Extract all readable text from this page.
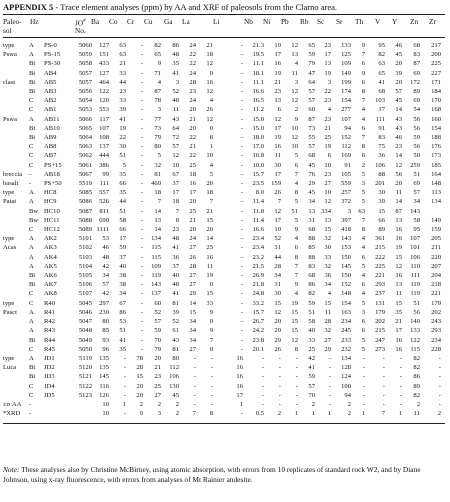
APPENDIX 5 - Trace element analyses (ppm) by AA and XRF of paleosols from the Clarno area.
Paleo- Hz	JO# Ba Co Cr Cu Ga La	Li	Nb Ni Pb Rb Sc Sr Th V Y Zn Zr
sol	No.
type	A	PS-0	5060	127	63	-	82	86	24	21	-	21.3	19	12	65	23	133	9	95	46	68	217
Pswa	A	PS-15	5059	151	63	-	65	48	22	18	-	19.5	17	13	59	17	125	7	82	45	83	200
	Bt	PS-30	5058	433	21	-	9	35	22	12	-	11.1	16	4	79	13	109	6	63	20	87	225
	Bt	AB4	5057	127	33	-	71	41	24	0	-	18.1	19	11	47	19	149	9	65	39	69	227
clast	Bt	AB5	5057	464	44	-	4	3	28	16	-	11.1	21	3	64	3	199	6	41	20	172	171
	Bt	AB3	5056	122	23	-	87	52	23	12	-	16.6	23	12	57	22	174	8	68	57	89	184
	C	AB2	5054	120	33	-	78	48	24	4	-	16.5	13	12	57	23	154	7	103	45	69	170
	C	AB1	5053	553	39	-	3	11	20	26	-	11.2	6	2	60	4	277	4	17	14	54	168
Pswa	A	AB11	5066	117	41	-	77	43	21	12	-	15.0	12	9	87	23	107	4	111	43	56	160
	Bt	AB10	5065	107	19	-	73	64	20	0	-	15.0	17	10	73	21	94	6	91	43	56	154
	Bt	AB9	5064	108	22	-	79	72	22	8	-	18.0	19	12	55	25	152	7	83	46	59	188
	C	AB8	5063	137	30	-	80	57	21	1	-	17.0	16	10	57	19	112	8	75	23	56	176
	C	AB7	5062	444	51	-	5	12	22	10	-	10.8	11	5	68	6	169	6	36	14	50	173
	C	PS+15	5061	386	5	-	32	10	25	4	-	10.0	30	6	45	10	91	2	106	12	259	185
breccia	-	AB18	5067	99	35	-	81	67	18	5	-	15.7	17	7	76	23	105	5	88	56	51	164
basalt	-	PS+50	5519	111	66	-	460	37	16	20	-	23.5	159	4	29	27	559	3	201	20	69	148
type	A	HC8	5085	557	35	-	18	17	17	18	-	8.0	26	8	45	10	257	5	30	11	57	113
Patat	A	HC9	5086	526	44	-	7	18	20	7	-	11.4	7	5	34	12	372	5	39	14	34	134
	Bw	HC10	5087	811	51	-	14	7	25	21	-	11.8	12	51	13	334	3	63	15	87	143	
	Bw	HC11	5088	690	58	-	13	8	21	15	-	11.4	17	5	31	13	397	7	66	13	58	149
	C	HC12	5089	1111	66	-	14	23	20	20	-	16.6	10	9	68	15	418	8	89	16	95	159
type	A	AK2	5101	53	17	-	134	48	24	14	-	23.4	52	4	88	32	143	4	361	16	107	205
Acas	A	AK3	5102	46	59	-	115	41	27	25	-	23.4	31	6	85	30	153	4	215	19	101	211
	A	AK4	5103	48	37	-	115	36	26	16	-	23.2	44	8	88	33	150	6	222	15	106	220
	A	AK5	5104	42	40	-	109	37	28	11	-	21.5	28	7	83	32	145	5	225	12	110	207
	Bt	AK6	5105	34	38	-	119	40	27	19	-	26.9	34	7	68	36	150	4	221	16	111	204
	Bt	AK7	5106	57	38	-	143	48	27	0	-	21.8	31	9	86	34	152	6	293	13	119	218
	C	AK8	5107	42	34	-	137	41	29	15	-	24.8	30	4	82	4	148	4	237	11	119	221
type	C	R40	5045	297	67	-	60	81	14	33	-	33.2	15	19	59	15	154	5	131	15	51	179
Pasct	A	R41	5046	230	86	-	52	39	15	9	-	15.7	12	15	51	11	163	3	179	35	56	202
	A	R42	5047	80	53	-	57	52	34	0	-	26.7	20	15	58	28	234	6	202	21	140	243
	A	R43	5048	85	51	-	59	61	34	9	-	24.2	20	15	40	32	245	6	215	17	133	293
	Bt	R44	5049	93	41	-	70	43	34	7	-	23.8	29	12	33	27	233	5	247	16	122	234
	C	R45	5050	96	35	-	79	81	27	0	-	20.1	26	8	25	29	232	5	273	16	115	228
type	A	JD1	5119	135	-	78	20	80	-	-	16	-	-	-	42	-	134	-	-	-	82	-
Luca	Bt	JD2	5120	135	-	28	21	112	-	-	16	-	-	-	41	-	128	-	-	-	82	-
	Bt	JD3	5121	145	-	15	23	106	-	-	16	-	-	-	59	-	124	-	-	-	86	-
	C	JD4	5122	116	-	20	25	130	-	-	16	-	-	-	57	-	100	-	-	-	89	-
	C	JD5	5123	126	-	20	27	45	-	-	17	-	-	-	70	-	94	-	-	-	82	-
±σ AA	-			10	1	2	2	2	-	-	1	-	-	-	2	-	2	-	-	-	2	-
*XRD	-			10	-	9	3	2	7	8	-	0.5	2	1	1	1	2	1	7	1	11	2
Note: These analyses also by Christine McBirney, using atomic absorption, with errors from 10 replicates of standard rock W2, and by Diane Johnson, using x-ray fluorescence, with errors from analyses of Mt Rainier andesite.
